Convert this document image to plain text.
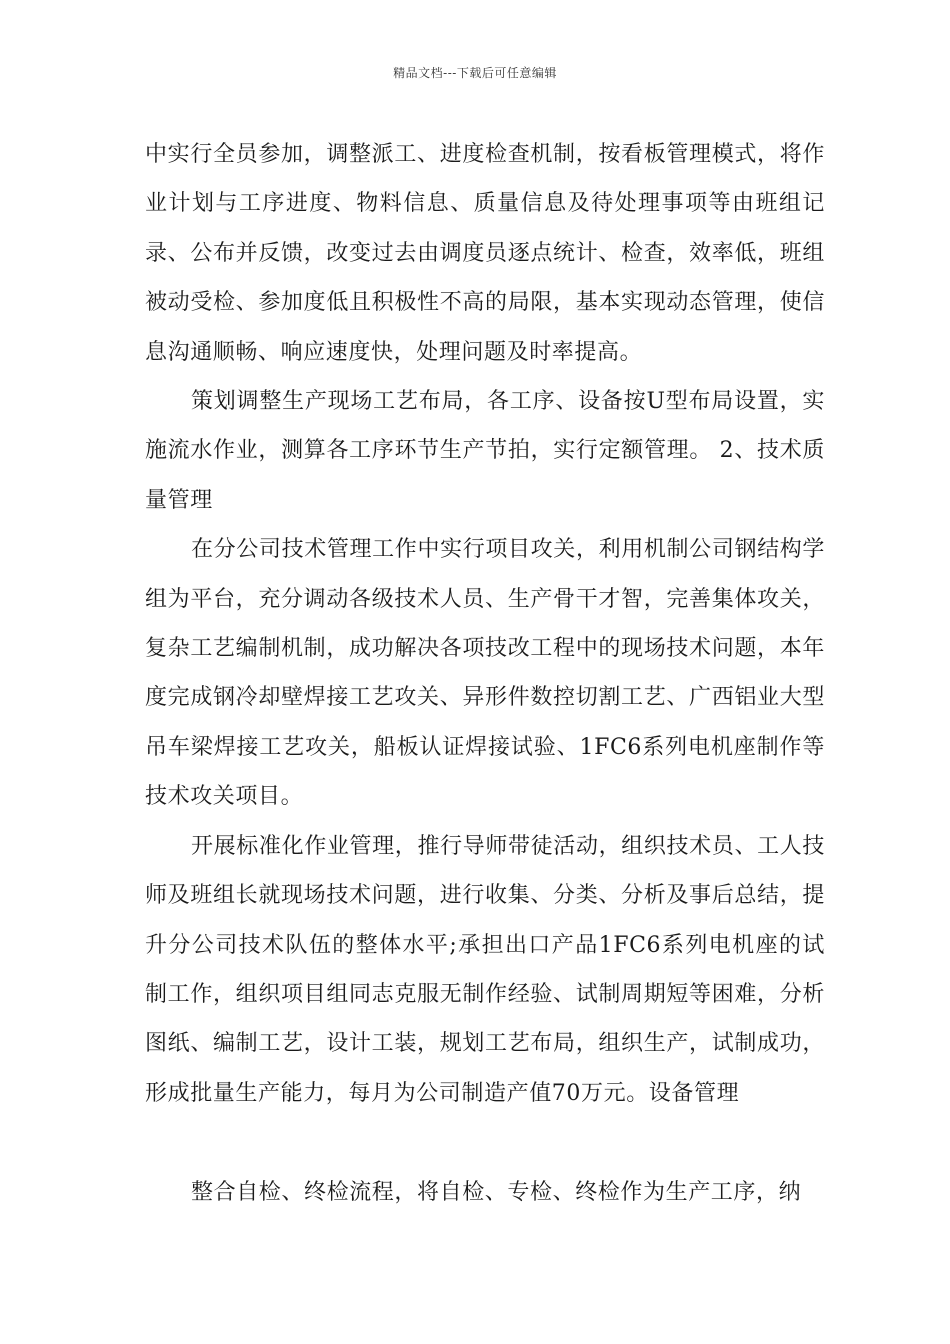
精品文档---下载后可任意编辑

中实行全员参加，调整派工、进度检查机制，按看板管理模式，将作业计划与工序进度、物料信息、质量信息及待处理事项等由班组记录、公布并反馈，改变过去由调度员逐点统计、检查，效率低，班组被动受检、参加度低且积极性不高的局限，基本实现动态管理，使信息沟通顺畅、响应速度快，处理问题及时率提高。

策划调整生产现场工艺布局，各工序、设备按U型布局设置，实施流水作业，测算各工序环节生产节拍，实行定额管理。 2、技术质量管理

在分公司技术管理工作中实行项目攻关，利用机制公司钢结构学组为平台，充分调动各级技术人员、生产骨干才智，完善集体攻关，复杂工艺编制机制，成功解决各项技改工程中的现场技术问题，本年度完成钢冷却壁焊接工艺攻关、异形件数控切割工艺、广西铝业大型吊车梁焊接工艺攻关，船板认证焊接试验、1FC6系列电机座制作等技术攻关项目。

开展标准化作业管理，推行导师带徒活动，组织技术员、工人技师及班组长就现场技术问题，进行收集、分类、分析及事后总结，提升分公司技术队伍的整体水平;承担出口产品1FC6系列电机座的试制工作，组织项目组同志克服无制作经验、试制周期短等困难，分析图纸、编制工艺，设计工装，规划工艺布局，组织生产，试制成功，形成批量生产能力，每月为公司制造产值70万元。设备管理

整合自检、终检流程，将自检、专检、终检作为生产工序，纳
